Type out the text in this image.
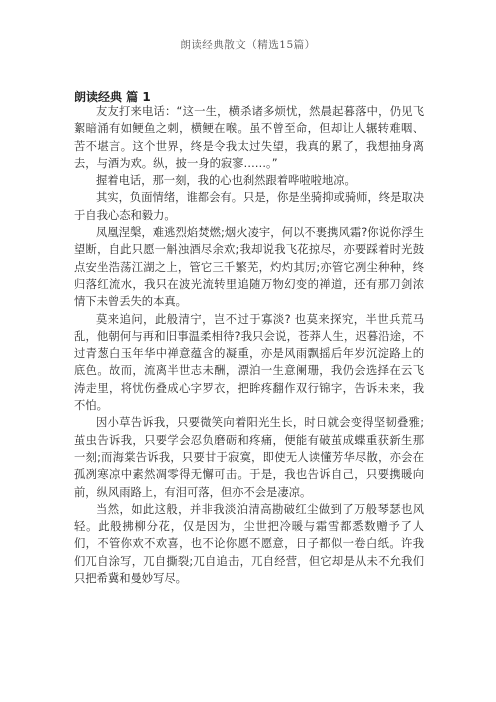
朗读经典散文（精选15篇）
朗读经典 篇 1

友友打来电话：“这一生，横杀诸多烦忧，然晨起暮落中，仍见飞絮暗涌有如鲠鱼之刺，横鲠在喉。虽不曾至命，但却让人辗转难咽、苦不堪言。这个世界，终是令我太过失望，我真的累了，我想抽身离去，与酒为欢。纵，披一身的寂寥……。”

握着电话，那一刻，我的心也刹然跟着哗啦啦地凉。

其实，负面情绪，谁都会有。只是，你是坐骑抑或骑师，终是取决于自我心态和毅力。

凤凰涅槃，难逃烈焰焚燃;烟火凌宇，何以不裹携风霜?你说你浮生望断，自此只愿一斛浊酒尽余欢;我却说我飞花掠尽，亦要踩着时光鼓点安坐浩荡江湖之上，管它三千繁芜，灼灼其厉;亦管它冽尘种种，终归落红流水，我只在波光流转里追随万物幻变的禅道，还有那刀剑浓情下未曾丢失的本真。

莫来追问，此般清宁，岂不过于寡淡? 也莫来探究，半世兵荒马乱，他朝何与再和旧事温柔相待?我只会说，苍莽人生，迟暮沿途，不过青葱白玉年华中禅意蕴含的凝重，亦是风雨飘摇后年岁沉淀路上的底色。故而，流离半世志未酬，漂泊一生意阑珊，我仍会选择在云飞涛走里，将忧伤叠成心字罗衣，把眸疼翻作双行锦字，告诉未来，我不怕。

因小草告诉我，只要微笑向着阳光生长，时日就会变得坚韧叠雅;茧虫告诉我，只要学会忍负磨砺和疼痛，便能有破茧成蝶重获新生那一刻;而海棠告诉我，只要甘于寂寞，即使无人读懂芳华尽散，亦会在孤冽寒凉中素然凋零得无懈可击。于是，我也告诉自己，只要携暖向前，纵风雨路上，有泪可落，但亦不会是凄凉。

当然，如此这般，并非我淡泊清高勘破红尘做到了万般琴瑟也风轻。此般拂柳分花，仅是因为，尘世把冷暖与霜雪都悉数赠予了人们，不管你欢不欢喜，也不论你愿不愿意，日子都似一卷白纸。许我们兀自涂写，兀自撕裂;兀自追击，兀自经营，但它却是从未不允我们只把希冀和曼妙写尽。
